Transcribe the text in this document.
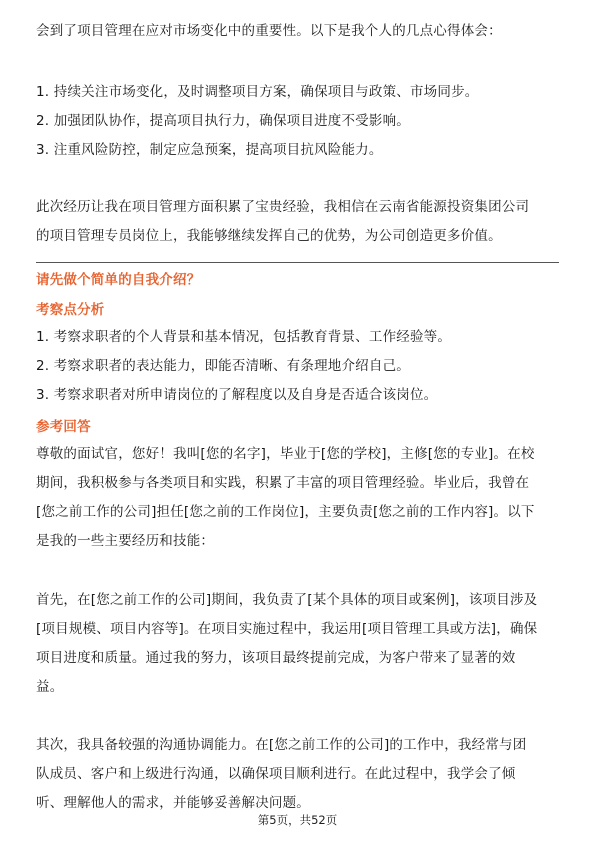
会到了项目管理在应对市场变化中的重要性。以下是我个人的几点心得体会：

1. 持续关注市场变化，及时调整项目方案，确保项目与政策、市场同步。
2. 加强团队协作，提高项目执行力，确保项目进度不受影响。
3. 注重风险防控，制定应急预案，提高项目抗风险能力。

此次经历让我在项目管理方面积累了宝贵经验，我相信在云南省能源投资集团公司
的项目管理专员岗位上，我能够继续发挥自己的优势，为公司创造更多价值。

请先做个简单的自我介绍？

考察点分析

1. 考察求职者的个人背景和基本情况，包括教育背景、工作经验等。
2. 考察求职者的表达能力，即能否清晰、有条理地介绍自己。
3. 考察求职者对所申请岗位的了解程度以及自身是否适合该岗位。

参考回答

尊敬的面试官，您好！我叫[您的名字]，毕业于[您的学校]，主修[您的专业]。在校
期间，我积极参与各类项目和实践，积累了丰富的项目管理经验。毕业后，我曾在
[您之前工作的公司]担任[您之前的工作岗位]，主要负责[您之前的工作内容]。以下
是我的一些主要经历和技能：

首先，在[您之前工作的公司]期间，我负责了[某个具体的项目或案例]，该项目涉及
[项目规模、项目内容等]。在项目实施过程中，我运用[项目管理工具或方法]，确保
项目进度和质量。通过我的努力，该项目最终提前完成，为客户带来了显著的效
益。

其次，我具备较强的沟通协调能力。在[您之前工作的公司]的工作中，我经常与团
队成员、客户和上级进行沟通，以确保项目顺利进行。在此过程中，我学会了倾
听、理解他人的需求，并能够妥善解决问题。

第5页，共52页
